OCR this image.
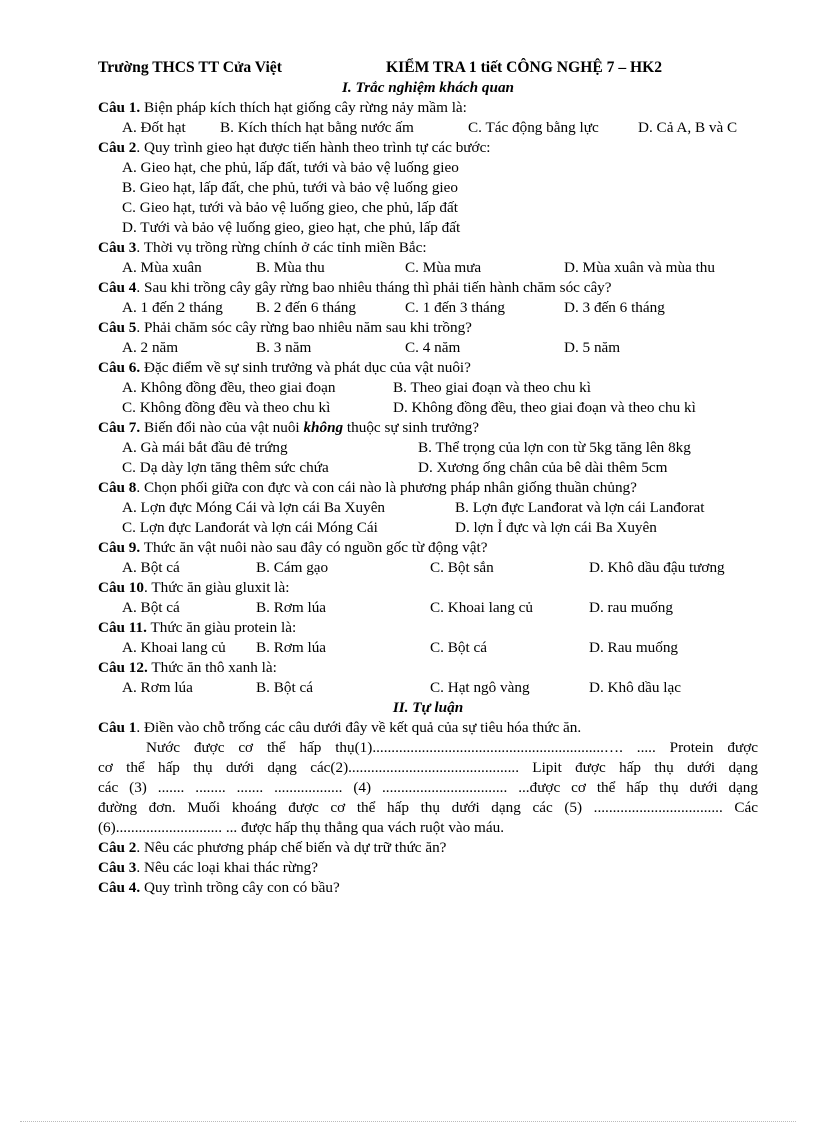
Trường THCS TT Cửa Việt	KIỂM TRA 1 tiết CÔNG NGHỆ 7 – HK2
I. Trắc nghiệm khách quan
Câu 1. Biện pháp kích thích hạt giống cây rừng nảy mầm là:
A. Đốt hạt	B. Kích thích hạt bằng nước ấm	C. Tác động bằng lực	D. Cả A, B và C
Câu 2. Quy trình gieo hạt được tiến hành theo trình tự các bước:
A. Gieo hạt, che phủ, lấp đất, tưới và bảo vệ luống gieo
B. Gieo hạt, lấp đất, che phủ, tưới và bảo vệ luống gieo
C. Gieo hạt, tưới và bảo vệ luống gieo, che phủ, lấp đất
D. Tưới và bảo vệ luống gieo, gieo hạt, che phủ, lấp đất
Câu 3. Thời vụ trồng rừng chính ở các tỉnh miền Bắc:
A. Mùa xuân	B. Mùa thu	C. Mùa mưa	D. Mùa xuân và mùa thu
Câu 4. Sau khi trồng cây gây rừng bao nhiêu tháng thì phải tiến hành chăm sóc cây?
A. 1 đến 2 tháng	B. 2 đến 6 tháng	C. 1 đến 3 tháng	D. 3 đến 6 tháng
Câu 5. Phải chăm sóc cây rừng bao nhiêu năm sau khi trồng?
A. 2 năm	B. 3 năm	C. 4 năm	D. 5 năm
Câu 6. Đặc điểm về sự sinh trưởng và phát dục của vật nuôi?
A. Không đồng đều, theo giai đoạn	B. Theo giai đoạn và theo chu kì
C. Không đồng đều và theo chu kì	D. Không đồng đều, theo giai đoạn và theo chu kì
Câu 7. Biến đổi nào của vật nuôi không thuộc sự sinh trưởng?
A. Gà mái bắt đầu đẻ trứng	B. Thể trọng của lợn con từ 5kg tăng lên 8kg
C. Dạ dày lợn tăng thêm sức chứa	D. Xương ống chân của bê dài thêm 5cm
Câu 8. Chọn phối giữa con đực và con cái nào là phương pháp nhân giống thuần chủng?
A. Lợn đực Móng Cái và lợn cái Ba Xuyên	B. Lợn đực Lanđorat và lợn cái Lanđorat
C. Lợn đực Lanđorát và lợn cái Móng Cái	D. lợn Ỉ đực và lợn cái Ba Xuyên
Câu 9. Thức ăn vật nuôi nào sau đây có nguồn gốc từ động vật?
A. Bột cá	B. Cám gạo	C. Bột sắn	D. Khô dầu đậu tương
Câu 10. Thức ăn giàu gluxit là:
A. Bột cá	B. Rơm lúa	C. Khoai lang củ	D. rau muống
Câu 11. Thức ăn giàu protein là:
A. Khoai lang củ	B. Rơm lúa	C. Bột cá	D. Rau muống
Câu 12. Thức ăn thô xanh là:
A. Rơm lúa	B. Bột cá	C. Hạt ngô vàng	D. Khô dầu lạc
II. Tự luận
Câu 1. Điền vào chỗ trống các câu dưới đây về kết quả của sự tiêu hóa thức ăn.
Nước được cơ thể hấp thụ(1).............................................................…. ..... Protein được
cơ thể hấp thụ dưới dạng các(2)............................................. Lipit được hấp thụ dưới dạng
các (3) ....... ........ ....... .................. (4) ................................. ...được cơ thể hấp thụ dưới dạng
đường đơn. Muối khoáng được cơ thể hấp thụ dưới dạng các (5) .................................. Các
(6)............................ ... được hấp thụ thẳng qua vách ruột vào máu.
Câu 2. Nêu các phương pháp chế biến và dự trữ thức ăn?
Câu 3. Nêu các loại khai thác rừng?
Câu 4. Quy trình trồng cây con có bầu?
